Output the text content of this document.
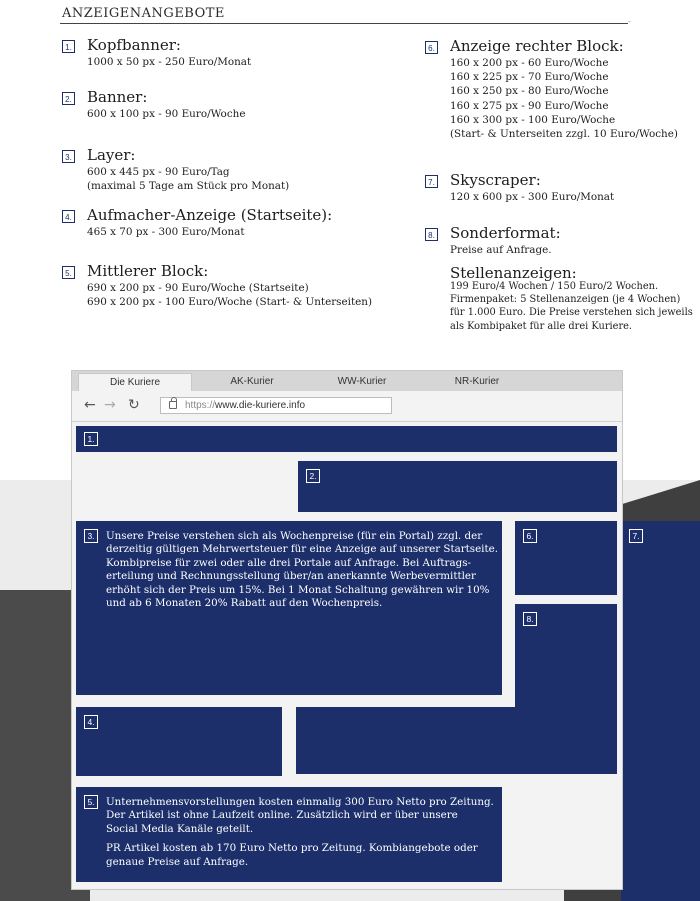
ANZEIGENANGEBOTE
-
1. Kopfbanner:
1000 x 50 px - 250 Euro/Monat
2. Banner:
600 x 100 px - 90 Euro/Woche
3. Layer:
600 x 445 px - 90 Euro/Tag
(maximal 5 Tage am Stück pro Monat)
4. Aufmacher-Anzeige (Startseite):
465 x 70 px - 300 Euro/Monat
5. Mittlerer Block:
690 x 200 px - 90 Euro/Woche (Startseite)
690 x 200 px - 100 Euro/Woche (Start- & Unterseiten)
6. Anzeige rechter Block:
160 x 200 px - 60 Euro/Woche
160 x 225 px - 70 Euro/Woche
160 x 250 px - 80 Euro/Woche
160 x 275 px - 90 Euro/Woche
160 x 300 px - 100 Euro/Woche
(Start- & Unterseiten zzgl. 10 Euro/Woche)
7. Skyscraper:
120 x 600 px - 300 Euro/Monat
8. Sonderformat:
Preise auf Anfrage.
Stellenanzeigen:
199 Euro/4 Wochen / 150 Euro/2 Wochen.
Firmenpaket: 5 Stellenanzeigen (je 4 Wochen)
für 1.000 Euro. Die Preise verstehen sich jeweils
als Kombipaket für alle drei Kuriere.
7.
Die Kuriere	AK-Kurier	WW-Kurier	NR-Kurier
← → ↻	https://www.die-kuriere.info
1.
2.
3.	Unsere Preise verstehen sich als Wochenpreise (für ein Portal) zzgl. der
derzeitig gültigen Mehrwertsteuer für eine Anzeige auf unserer Startseite.
Kombipreise für zwei oder alle drei Portale auf Anfrage. Bei Auftrags-
erteilung und Rechnungsstellung über/an anerkannte Werbevermittler
erhöht sich der Preis um 15%. Bei 1 Monat Schaltung gewähren wir 10%
und ab 6 Monaten 20% Rabatt auf den Wochenpreis.
6.
8.
4.
5.	Unternehmensvorstellungen kosten einmalig 300 Euro Netto pro Zeitung.
Der Artikel ist ohne Laufzeit online. Zusätzlich wird er über unsere
Social Media Kanäle geteilt.
PR Artikel kosten ab 170 Euro Netto pro Zeitung. Kombiangebote oder
genaue Preise auf Anfrage.
